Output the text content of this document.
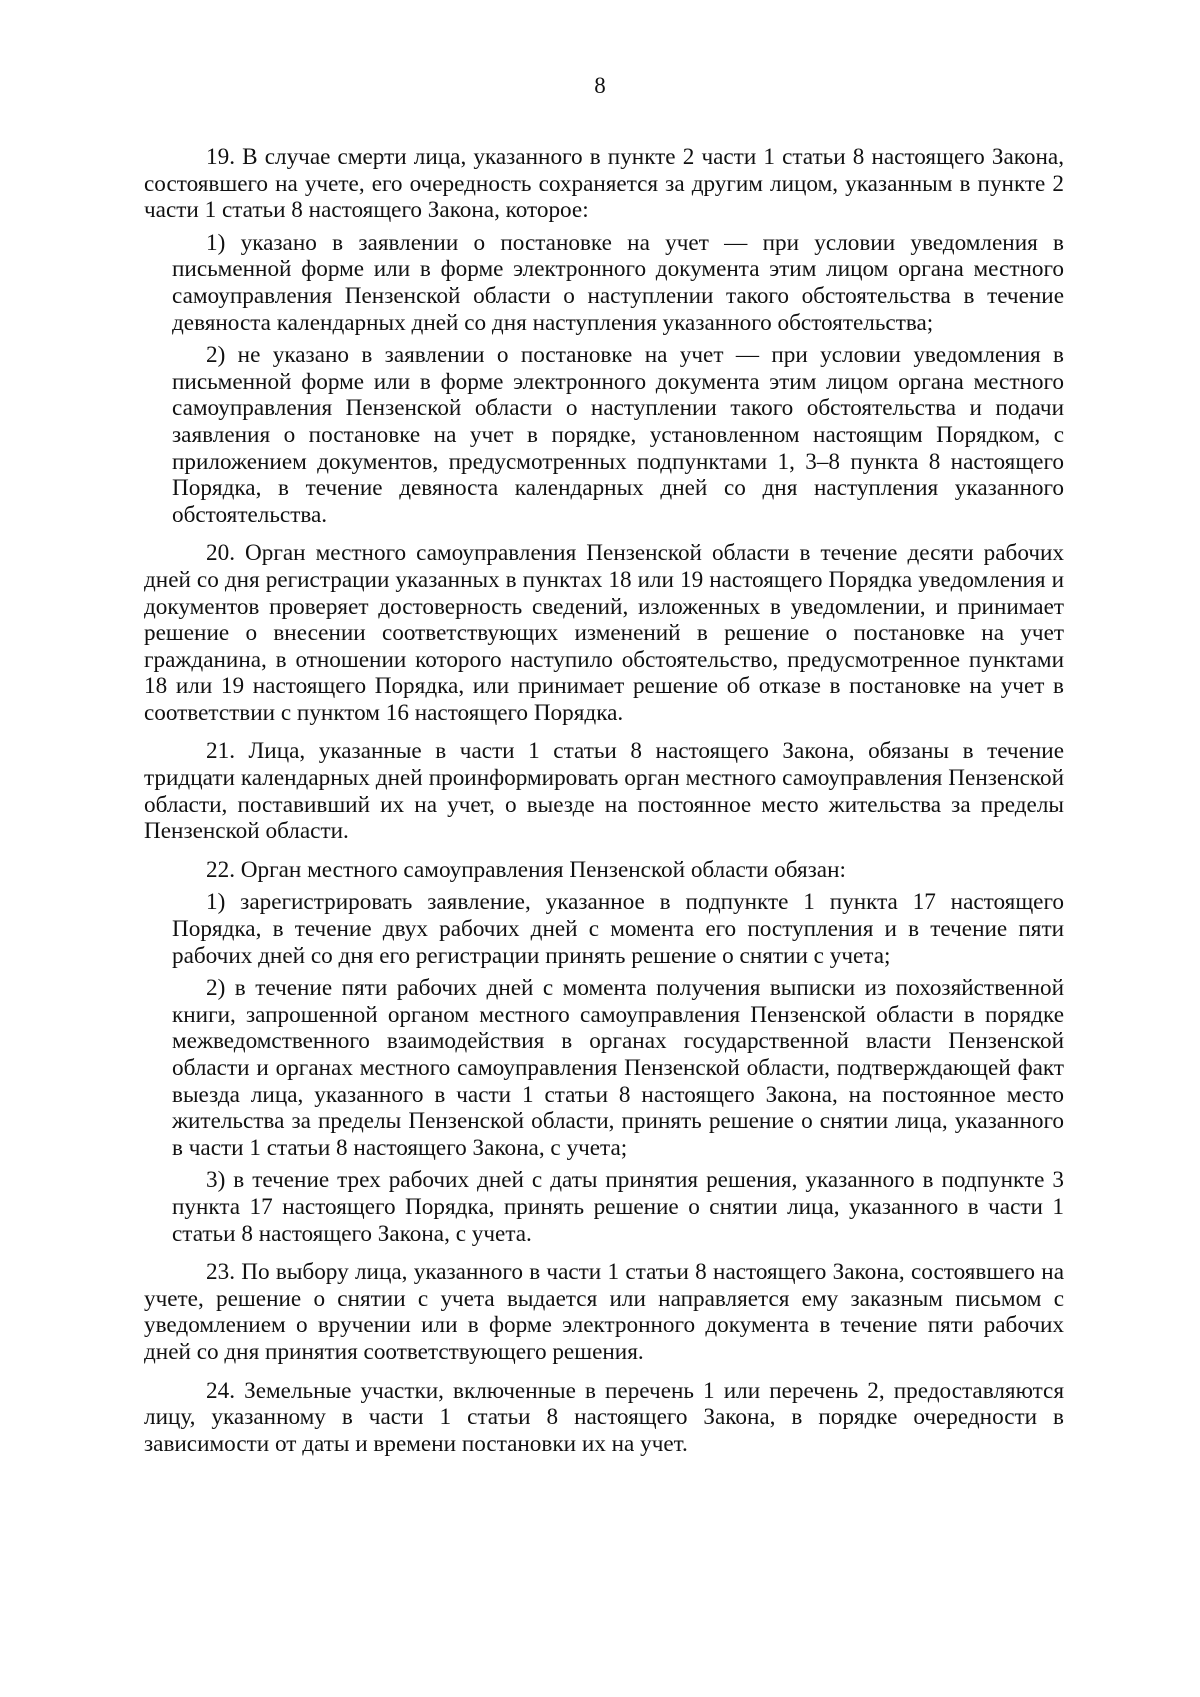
8

19. В случае смерти лица, указанного в пункте 2 части 1 статьи 8 настоящего Закона, состоявшего на учете, его очередность сохраняется за другим лицом, указанным в пункте 2 части 1 статьи 8 настоящего Закона, которое:

1) указано в заявлении о постановке на учет — при условии уведомления в письменной форме или в форме электронного документа этим лицом органа местного самоуправления Пензенской области о наступлении такого обстоятельства в течение девяноста календарных дней со дня наступления указанного обстоятельства;

2) не указано в заявлении о постановке на учет — при условии уведомления в письменной форме или в форме электронного документа этим лицом органа местного самоуправления Пензенской области о наступлении такого обстоятельства и подачи заявления о постановке на учет в порядке, установленном настоящим Порядком, с приложением документов, предусмотренных подпунктами 1, 3–8 пункта 8 настоящего Порядка, в течение девяноста календарных дней со дня наступления указанного обстоятельства.

20. Орган местного самоуправления Пензенской области в течение десяти рабочих дней со дня регистрации указанных в пунктах 18 или 19 настоящего Порядка уведомления и документов проверяет достоверность сведений, изложенных в уведомлении, и принимает решение о внесении соответствующих изменений в решение о постановке на учет гражданина, в отношении которого наступило обстоятельство, предусмотренное пунктами 18 или 19 настоящего Порядка, или принимает решение об отказе в постановке на учет в соответствии с пунктом 16 настоящего Порядка.

21. Лица, указанные в части 1 статьи 8 настоящего Закона, обязаны в течение тридцати календарных дней проинформировать орган местного самоуправления Пензенской области, поставивший их на учет, о выезде на постоянное место жительства за пределы Пензенской области.

22. Орган местного самоуправления Пензенской области обязан:

1) зарегистрировать заявление, указанное в подпункте 1 пункта 17 настоящего Порядка, в течение двух рабочих дней с момента его поступления и в течение пяти рабочих дней со дня его регистрации принять решение о снятии с учета;

2) в течение пяти рабочих дней с момента получения выписки из похозяйственной книги, запрошенной органом местного самоуправления Пензенской области в порядке межведомственного взаимодействия в органах государственной власти Пензенской области и органах местного самоуправления Пензенской области, подтверждающей факт выезда лица, указанного в части 1 статьи 8 настоящего Закона, на постоянное место жительства за пределы Пензенской области, принять решение о снятии лица, указанного в части 1 статьи 8 настоящего Закона, с учета;

3) в течение трех рабочих дней с даты принятия решения, указанного в подпункте 3 пункта 17 настоящего Порядка, принять решение о снятии лица, указанного в части 1 статьи 8 настоящего Закона, с учета.

23. По выбору лица, указанного в части 1 статьи 8 настоящего Закона, состоявшего на учете, решение о снятии с учета выдается или направляется ему заказным письмом с уведомлением о вручении или в форме электронного документа в течение пяти рабочих дней со дня принятия соответствующего решения.

24. Земельные участки, включенные в перечень 1 или перечень 2, предоставляются лицу, указанному в части 1 статьи 8 настоящего Закона, в порядке очередности в зависимости от даты и времени постановки их на учет.
